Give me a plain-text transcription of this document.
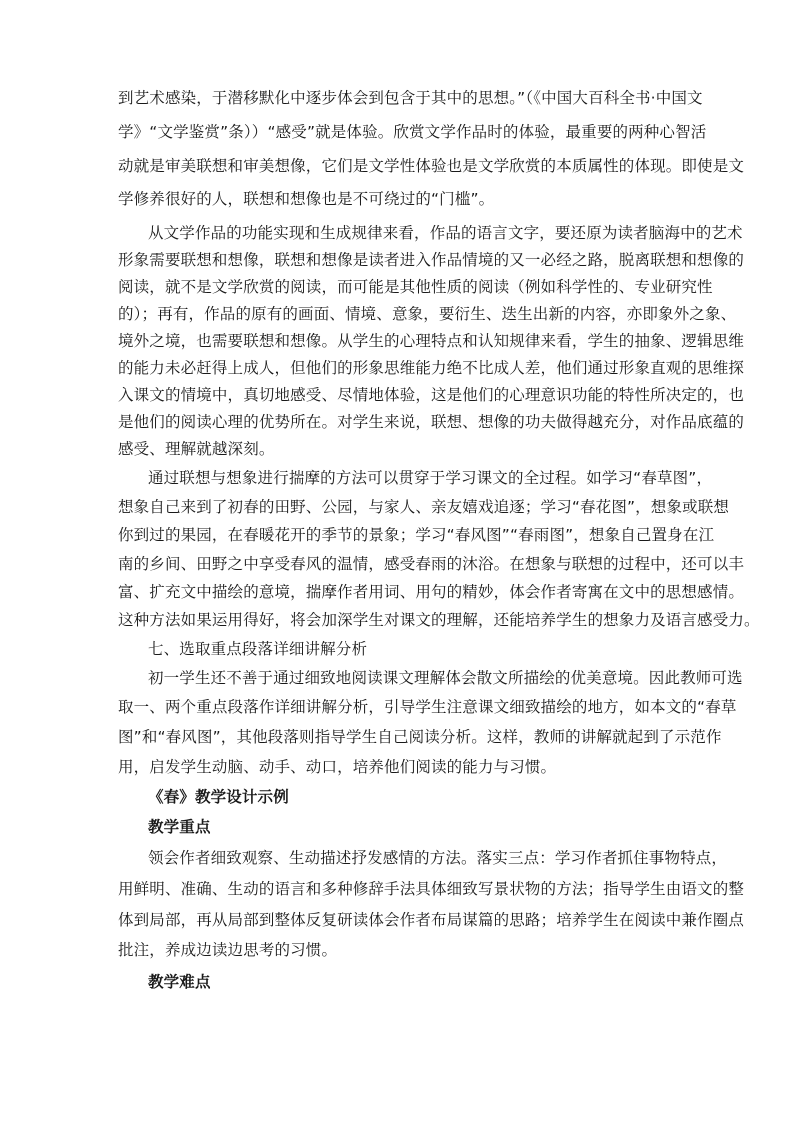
到艺术感染，于潜移默化中逐步体会到包含于其中的思想。”（《中国大百科全书·中国文
学》“文学鉴赏”条））“感受”就是体验。欣赏文学作品时的体验，最重要的两种心智活
动就是审美联想和审美想像，它们是文学性体验也是文学欣赏的本质属性的体现。即使是文
学修养很好的人，联想和想像也是不可绕过的“门槛”。
从文学作品的功能实现和生成规律来看，作品的语言文字，要还原为读者脑海中的艺术
形象需要联想和想像，联想和想像是读者进入作品情境的又一必经之路，脱离联想和想像的
阅读，就不是文学欣赏的阅读，而可能是其他性质的阅读（例如科学性的、专业研究性
的）；再有，作品的原有的画面、情境、意象，要衍生、迭生出新的内容，亦即象外之象、
境外之境，也需要联想和想像。从学生的心理特点和认知规律来看，学生的抽象、逻辑思维
的能力未必赶得上成人，但他们的形象思维能力绝不比成人差，他们通过形象直观的思维探
入课文的情境中，真切地感受、尽情地体验，这是他们的心理意识功能的特性所决定的，也
是他们的阅读心理的优势所在。对学生来说，联想、想像的功夫做得越充分，对作品底蕴的
感受、理解就越深刻。
通过联想与想象进行揣摩的方法可以贯穿于学习课文的全过程。如学习“春草图”，
想象自己来到了初春的田野、公园，与家人、亲友嬉戏追逐；学习“春花图”，想象或联想
你到过的果园，在春暖花开的季节的景象；学习“春风图”“春雨图”，想象自己置身在江
南的乡间、田野之中享受春风的温情，感受春雨的沐浴。在想象与联想的过程中，还可以丰
富、扩充文中描绘的意境，揣摩作者用词、用句的精妙，体会作者寄寓在文中的思想感情。
这种方法如果运用得好，将会加深学生对课文的理解，还能培养学生的想象力及语言感受力。
七、选取重点段落详细讲解分析
初一学生还不善于通过细致地阅读课文理解体会散文所描绘的优美意境。因此教师可选
取一、两个重点段落作详细讲解分析，引导学生注意课文细致描绘的地方，如本文的“春草
图”和“春风图”，其他段落则指导学生自己阅读分析。这样，教师的讲解就起到了示范作
用，启发学生动脑、动手、动口，培养他们阅读的能力与习惯。
《春》教学设计示例
教学重点
领会作者细致观察、生动描述抒发感情的方法。落实三点：学习作者抓住事物特点，
用鲜明、准确、生动的语言和多种修辞手法具体细致写景状物的方法；指导学生由语文的整
体到局部，再从局部到整体反复研读体会作者布局谋篇的思路；培养学生在阅读中兼作圈点
批注，养成边读边思考的习惯。
教学难点
